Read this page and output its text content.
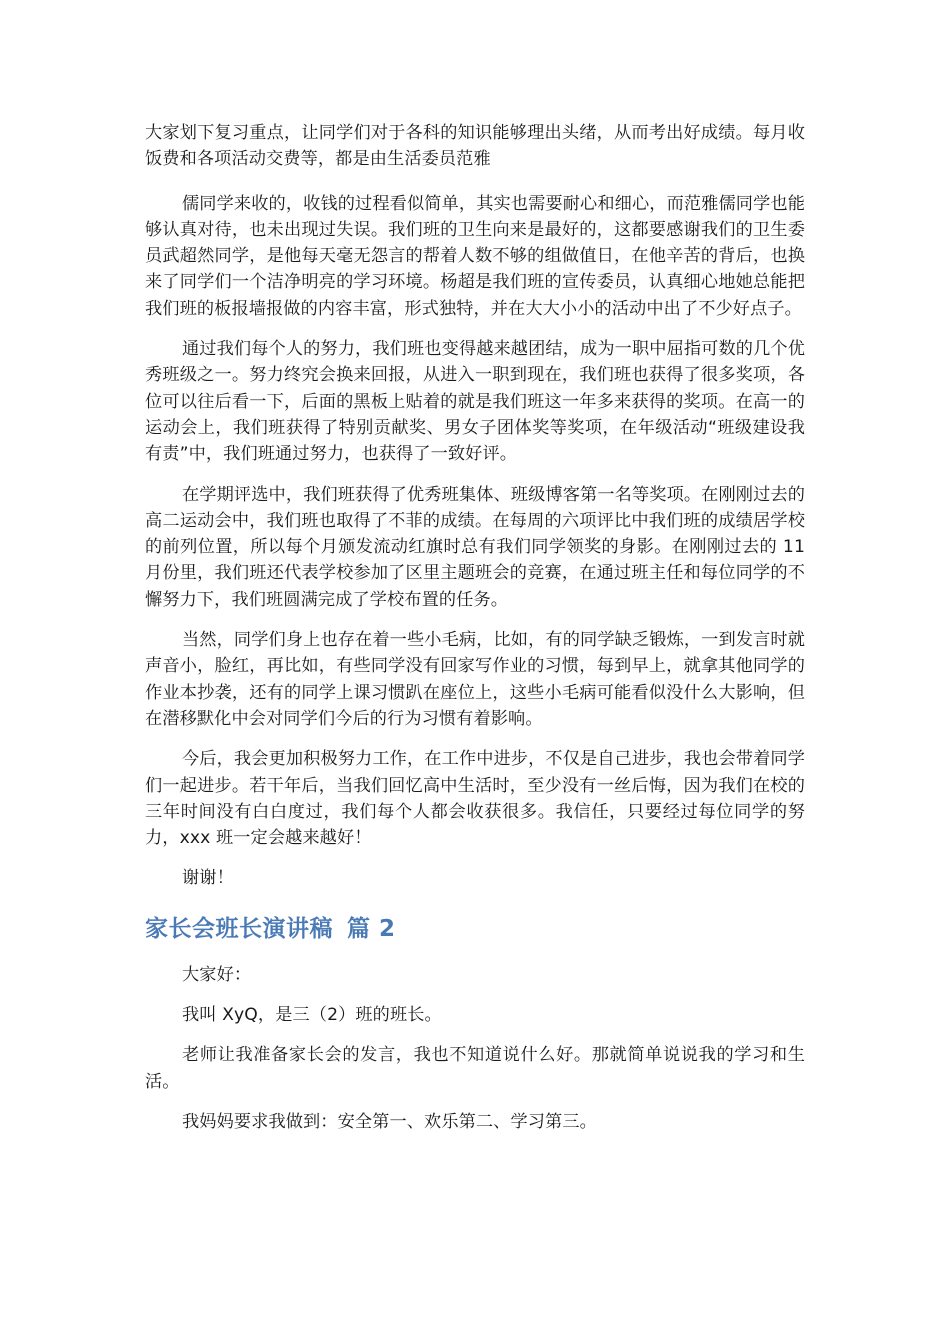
大家划下复习重点，让同学们对于各科的知识能够理出头绪，从而考出好成绩。每月收饭费和各项活动交费等，都是由生活委员范雅

儒同学来收的，收钱的过程看似简单，其实也需要耐心和细心，而范雅儒同学也能够认真对待，也未出现过失误。我们班的卫生向来是最好的，这都要感谢我们的卫生委员武超然同学，是他每天毫无怨言的帮着人数不够的组做值日，在他辛苦的背后，也换来了同学们一个洁净明亮的学习环境。杨超是我们班的宣传委员，认真细心地她总能把我们班的板报墙报做的内容丰富，形式独特，并在大大小小的活动中出了不少好点子。

通过我们每个人的努力，我们班也变得越来越团结，成为一职中屈指可数的几个优秀班级之一。努力终究会换来回报，从进入一职到现在，我们班也获得了很多奖项，各位可以往后看一下，后面的黑板上贴着的就是我们班这一年多来获得的奖项。在高一的运动会上，我们班获得了特别贡献奖、男女子团体奖等奖项，在年级活动“班级建设我有责”中，我们班通过努力，也获得了一致好评。

在学期评选中，我们班获得了优秀班集体、班级博客第一名等奖项。在刚刚过去的高二运动会中，我们班也取得了不菲的成绩。在每周的六项评比中我们班的成绩居学校的前列位置，所以每个月颁发流动红旗时总有我们同学领奖的身影。在刚刚过去的 11 月份里，我们班还代表学校参加了区里主题班会的竞赛，在通过班主任和每位同学的不懈努力下，我们班圆满完成了学校布置的任务。

当然，同学们身上也存在着一些小毛病，比如，有的同学缺乏锻炼，一到发言时就声音小，脸红，再比如，有些同学没有回家写作业的习惯，每到早上，就拿其他同学的作业本抄袭，还有的同学上课习惯趴在座位上，这些小毛病可能看似没什么大影响，但在潜移默化中会对同学们今后的行为习惯有着影响。

今后，我会更加积极努力工作，在工作中进步，不仅是自己进步，我也会带着同学们一起进步。若干年后，当我们回忆高中生活时，至少没有一丝后悔，因为我们在校的三年时间没有白白度过，我们每个人都会收获很多。我信任，只要经过每位同学的努力，xxx 班一定会越来越好！

谢谢！

家长会班长演讲稿 篇 2

大家好：

我叫 XyQ，是三（2）班的班长。

老师让我准备家长会的发言，我也不知道说什么好。那就简单说说我的学习和生活。

我妈妈要求我做到：安全第一、欢乐第二、学习第三。
